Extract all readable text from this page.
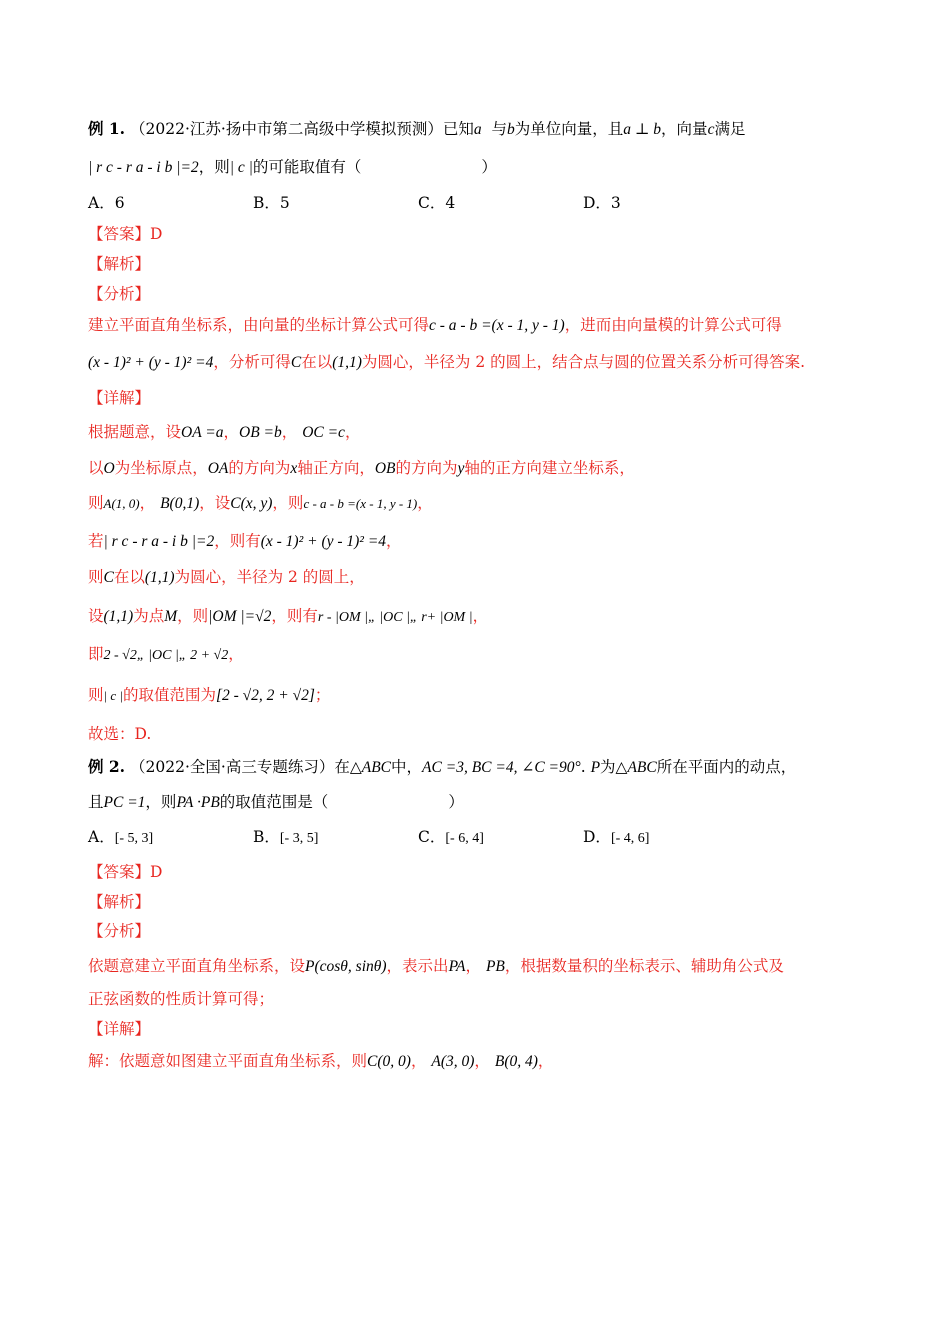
例 1. （2022·江苏·扬中市第二高级中学模拟预测）已知a 与b为单位向量，且a ⊥ b，向量c满足
| r c - r a - i b |=2，则| c |的可能取值有（	）
A．6	B．5	C．4	D．3
【答案】D
【解析】
【分析】
建立平面直角坐标系，由向量的坐标计算公式可得c - a - b =(x - 1, y - 1)，进而由向量模的计算公式可得
(x - 1)² + (y - 1)² =4，分析可得C在以(1,1)为圆心，半径为 2 的圆上，结合点与圆的位置关系分析可得答案.
【详解】
根据题意，设OA =a，OB =b， OC =c，
以O为坐标原点，OA的方向为x轴正方向，OB的方向为y轴的正方向建立坐标系，
则A(1, 0)， B(0,1)，设C(x, y)，则c - a - b =(x - 1, y - 1)，
若| r c - r a - i b |=2，则有(x - 1)² + (y - 1)² =4，
则C在以(1,1)为圆心，半径为 2 的圆上，
设(1,1)为点M，则|OM |=√2，则有r - |OM |„ |OC |„ r+ |OM |，
即2 - √2„ |OC |„ 2 + √2，
则| c |的取值范围为[2 - √2, 2 + √2]；
故选：D.
例 2. （2022·全国·高三专题练习）在△ABC中，AC =3, BC =4, ∠C =90°. P为△ABC所在平面内的动点，
且PC =1，则PA ·PB的取值范围是（	）
A．[- 5, 3]	B．[- 3, 5]	C．[- 6, 4]	D．[- 4, 6]
【答案】D
【解析】
【分析】
依题意建立平面直角坐标系，设P(cosθ, sinθ)，表示出PA， PB，根据数量积的坐标表示、辅助角公式及
正弦函数的性质计算可得；
【详解】
解：依题意如图建立平面直角坐标系，则C(0, 0)， A(3, 0)， B(0, 4)，
